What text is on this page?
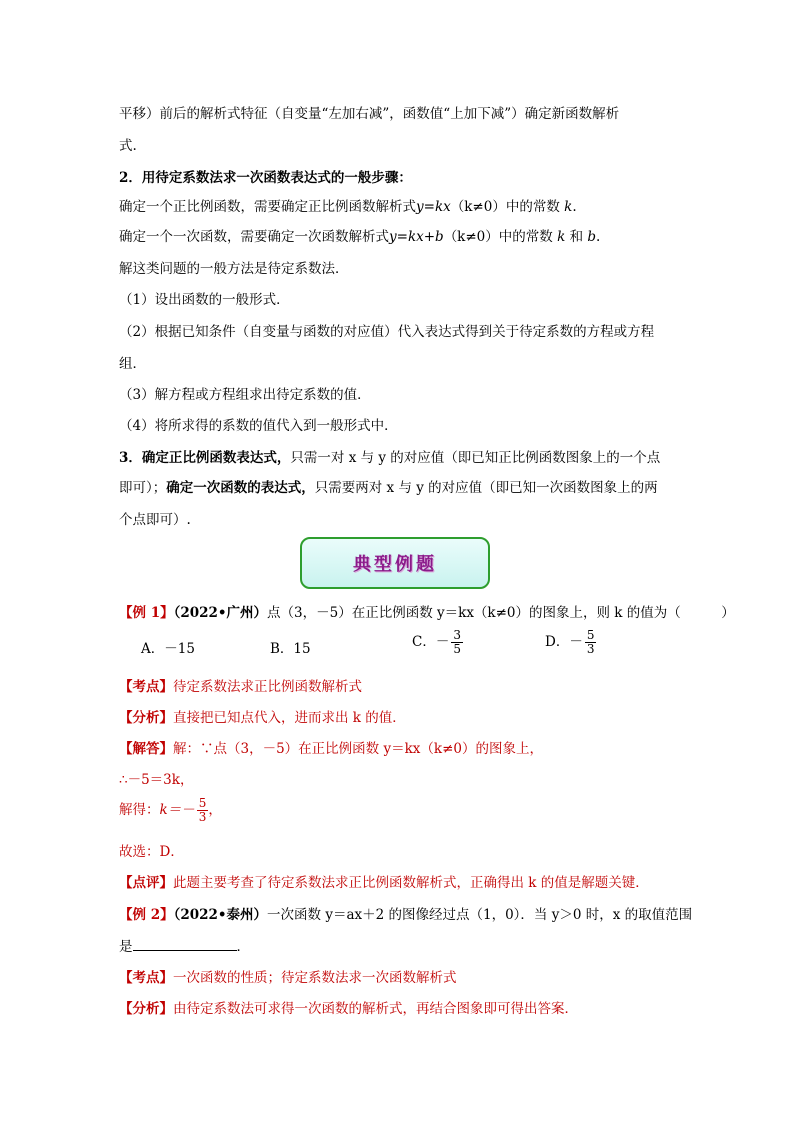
平移）前后的解析式特征（自变量“左加右减”，函数值“上加下减”）确定新函数解析
式.
2．用待定系数法求一次函数表达式的一般步骤：
确定一个正比例函数，需要确定正比例函数解析式y=kx（k≠0）中的常数 k.
确定一个一次函数，需要确定一次函数解析式y=kx+b（k≠0）中的常数 k 和 b.
解这类问题的一般方法是待定系数法．
（1）设出函数的一般形式．
（2）根据已知条件（自变量与函数的对应值）代入表达式得到关于待定系数的方程或方程
组．
（3）解方程或方程组求出待定系数的值．
（4）将所求得的系数的值代入到一般形式中．
3．确定正比例函数表达式，只需一对 x 与 y 的对应值（即已知正比例函数图象上的一个点
即可）；确定一次函数的表达式，只需要两对 x 与 y 的对应值（即已知一次函数图象上的两
个点即可）.
典型例题
【例 1】（2022•广州）点（3，－5）在正比例函数 y＝kx（k≠0）的图象上，则 k 的值为（　　　）
A．－15	B．15	C．－ $\frac{3}{5}$	D．－ $\frac{5}{3}$
【考点】待定系数法求正比例函数解析式
【分析】直接把已知点代入，进而求出 k 的值．
【解答】解：∵点（3，－5）在正比例函数 y＝kx（k≠0）的图象上，
∴－5＝3k，
解得：$k=- \frac{5}{3}$ ，
故选：D．
【点评】此题主要考查了待定系数法求正比例函数解析式，正确得出 k 的值是解题关键．
【例 2】（2022•泰州）一次函数 y＝ax＋2 的图像经过点（1，0）．当 y＞0 时，x 的取值范围
是	．
【考点】一次函数的性质；待定系数法求一次函数解析式
【分析】由待定系数法可求得一次函数的解析式，再结合图象即可得出答案．
